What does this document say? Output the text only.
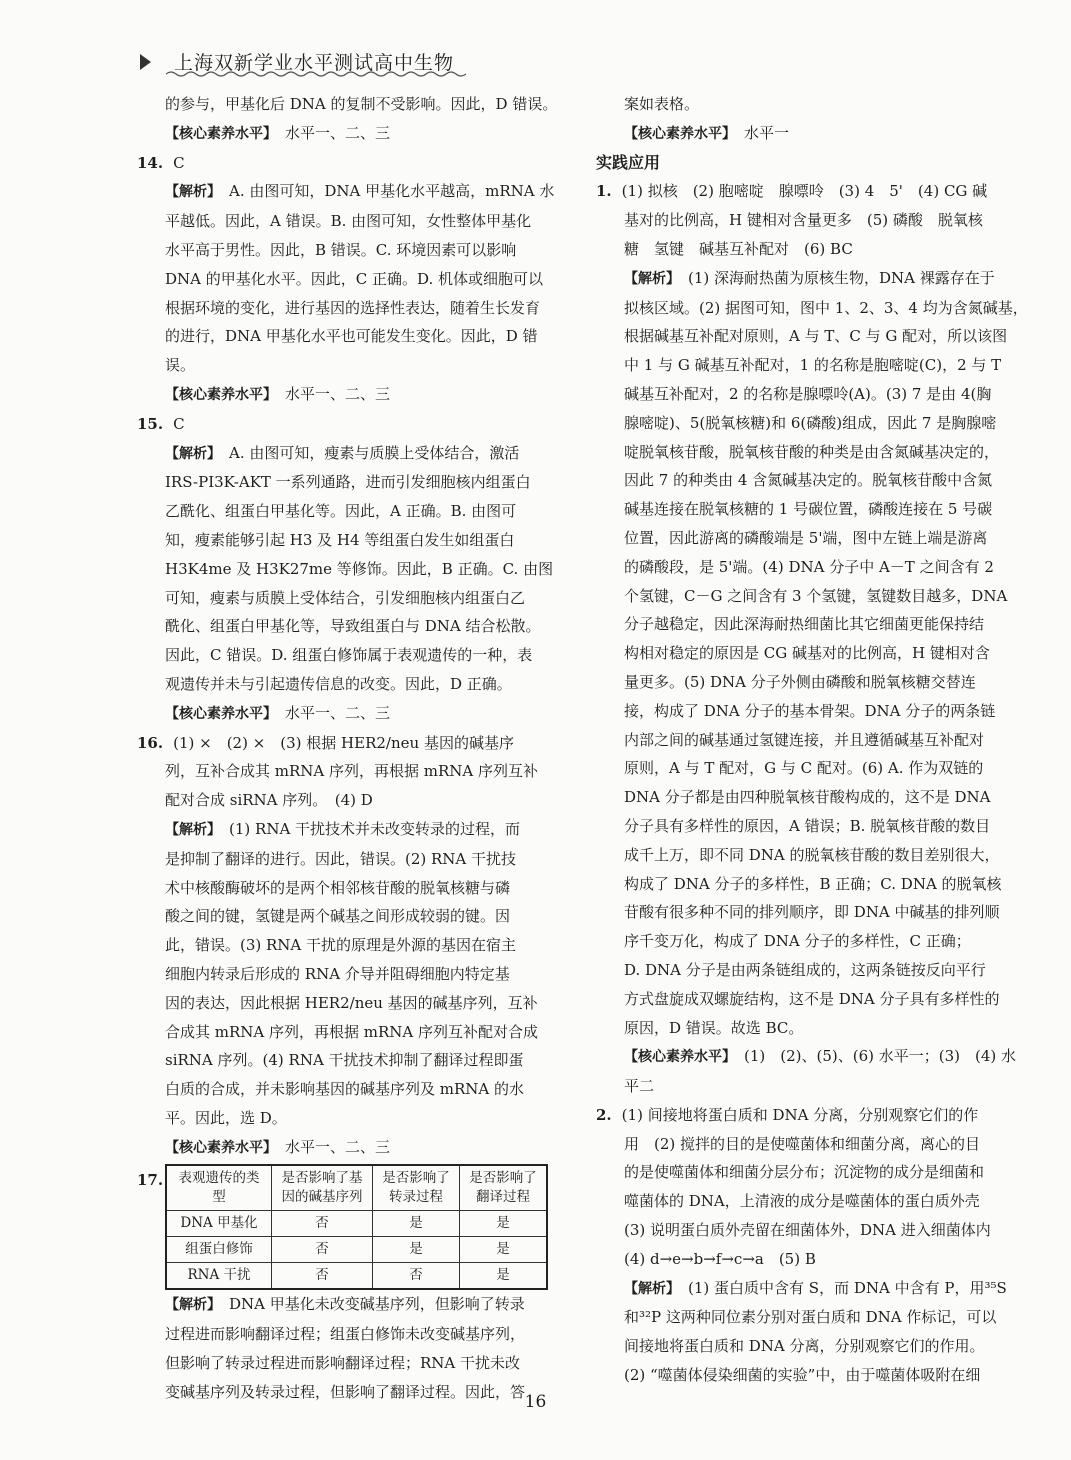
上海双新学业水平测试高中生物

的参与，甲基化后 DNA 的复制不受影响。因此，D 错误。

【核心素养水平】　 水平一、二、三

14. C

【解析】　 A. 由图可知，DNA 甲基化水平越高，mRNA 水
平越低。因此，A 错误。B. 由图可知，女性整体甲基化
水平高于男性。因此，B 错误。C. 环境因素可以影响
DNA 的甲基化水平。因此，C 正确。D. 机体或细胞可以
根据环境的变化，进行基因的选择性表达，随着生长发育
的进行，DNA 甲基化水平也可能发生变化。因此，D 错误。
【核心素养水平】　 水平一、二、三

15. C

【解析】　 A. 由图可知，瘦素与质膜上受体结合，激活
IRS-PI3K-AKT 一系列通路，进而引发细胞核内组蛋白
乙酰化、组蛋白甲基化等。因此，A 正确。B. 由图可
知，瘦素能够引起 H3 及 H4 等组蛋白发生如组蛋白
H3K4me 及 H3K27me 等修饰。因此，B 正确。C. 由图
可知，瘦素与质膜上受体结合，引发细胞核内组蛋白乙
酰化、组蛋白甲基化等，导致组蛋白与 DNA 结合松散。
因此，C 错误。D. 组蛋白修饰属于表观遗传的一种，表
观遗传并未与引起遗传信息的改变。因此，D 正确。
【核心素养水平】　 水平一、二、三
16. (1) ×　(2) ×　(3) 根据 HER2/neu 基因的碱基序
列，互补合成其 mRNA 序列，再根据 mRNA 序列互补
配对合成 siRNA 序列。　(4) D
【解析】　 (1) RNA 干扰技术并未改变转录的过程，而
是抑制了翻译的进行。因此，错误。(2) RNA 干扰技
术中核酸酶破坏的是两个相邻核苷酸的脱氧核糖与磷
酸之间的键，氢键是两个碱基之间形成较弱的键。因
此，错误。(3) RNA 干扰的原理是外源的基因在宿主
细胞内转录后形成的 RNA 介导并阻碍细胞内特定基
因的表达，因此根据 HER2/neu 基因的碱基序列，互补
合成其 mRNA 序列，再根据 mRNA 序列互补配对合成
siRNA 序列。(4) RNA 干扰技术抑制了翻译过程即蛋
白质的合成，并未影响基因的碱基序列及 mRNA 的水
平。因此，选 D。
【核心素养水平】　 水平一、二、三
17. 表观遗传的类型	是否影响了基因的碱基序列	是否影响了转录过程	是否影响了翻译过程
DNA 甲基化	否	是	是
组蛋白修饰	否	是	是
RNA 干扰	否	否	是
【解析】　 DNA 甲基化未改变碱基序列，但影响了转录
过程进而影响翻译过程；组蛋白修饰未改变碱基序列，
但影响了转录过程进而影响翻译过程；RNA 干扰未改
变碱基序列及转录过程，但影响了翻译过程。因此，答

案如表格。

【核心素养水平】　 水平一

实践应用

1. (1) 拟核　(2) 胞嘧啶　腺嘌呤　(3) 4　5'　(4) CG 碱
基对的比例高，H 键相对含量更多　(5) 磷酸　脱氧核
糖　氢键　碱基互补配对　(6) BC
【解析】　 (1) 深海耐热菌为原核生物，DNA 裸露存在于
拟核区域。(2) 据图可知，图中 1、2、3、4 均为含氮碱基，
根据碱基互补配对原则，A 与 T、C 与 G 配对，所以该图
中 1 与 G 碱基互补配对，1 的名称是胞嘧啶(C)，2 与 T
碱基互补配对，2 的名称是腺嘌呤(A)。(3) 7 是由 4(胸
腺嘧啶)、5(脱氧核糖)和 6(磷酸)组成，因此 7 是胸腺嘧
啶脱氧核苷酸，脱氧核苷酸的种类是由含氮碱基决定的，
因此 7 的种类由 4 含氮碱基决定的。脱氧核苷酸中含氮
碱基连接在脱氧核糖的 1 号碳位置，磷酸连接在 5 号碳
位置，因此游离的磷酸端是 5'端，图中左链上端是游离
的磷酸段，是 5'端。(4) DNA 分子中 A－T 之间含有 2
个氢键，C－G 之间含有 3 个氢键，氢键数目越多，DNA
分子越稳定，因此深海耐热细菌比其它细菌更能保持结
构相对稳定的原因是 CG 碱基对的比例高，H 键相对含
量更多。(5) DNA 分子外侧由磷酸和脱氧核糖交替连
接，构成了 DNA 分子的基本骨架。DNA 分子的两条链
内部之间的碱基通过氢键连接，并且遵循碱基互补配对
原则，A 与 T 配对，G 与 C 配对。(6) A. 作为双链的
DNA 分子都是由四种脱氧核苷酸构成的，这不是 DNA
分子具有多样性的原因，A 错误；B. 脱氧核苷酸的数目
成千上万，即不同 DNA 的脱氧核苷酸的数目差别很大，
构成了 DNA 分子的多样性，B 正确；C. DNA 的脱氧核
苷酸有很多种不同的排列顺序，即 DNA 中碱基的排列顺
序千变万化，构成了 DNA 分子的多样性，C 正确；
D. DNA 分子是由两条链组成的，这两条链按反向平行
方式盘旋成双螺旋结构，这不是 DNA 分子具有多样性的
原因，D 错误。故选 BC。
【核心素养水平】　 (1)　(2)、(5)、(6) 水平一；(3)　(4) 水
平二
2. (1) 间接地将蛋白质和 DNA 分离，分别观察它们的作
用　(2) 搅拌的目的是使噬菌体和细菌分离，离心的目
的是使噬菌体和细菌分层分布；沉淀物的成分是细菌和
噬菌体的 DNA，上清液的成分是噬菌体的蛋白质外壳
(3) 说明蛋白质外壳留在细菌体外，DNA 进入细菌体内
(4) d→e→b→f→c→a　(5) B
【解析】　 (1) 蛋白质中含有 S，而 DNA 中含有 P，用³⁵S
和³²P 这两种同位素分别对蛋白质和 DNA 作标记，可以
间接地将蛋白质和 DNA 分离，分别观察它们的作用。
(2) “噬菌体侵染细菌的实验”中，由于噬菌体吸附在细
16
